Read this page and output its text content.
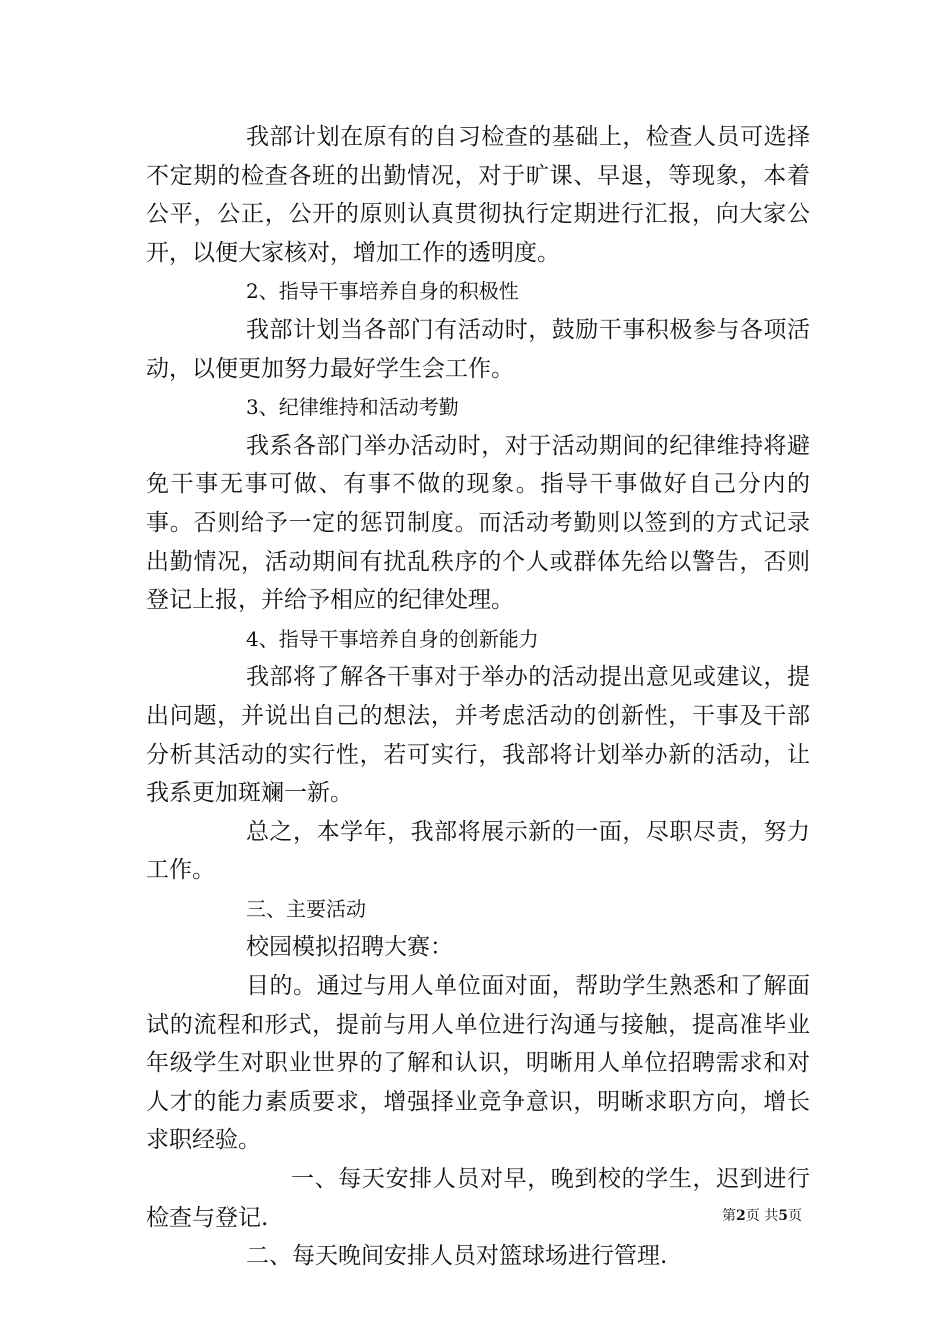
我部计划在原有的自习检查的基础上，检查人员可选择不定期的检查各班的出勤情况，对于旷课、早退，等现象，本着公平，公正，公开的原则认真贯彻执行定期进行汇报，向大家公开，以便大家核对，增加工作的透明度。

2、指导干事培养自身的积极性

我部计划当各部门有活动时，鼓励干事积极参与各项活动，以便更加努力最好学生会工作。

3、纪律维持和活动考勤

我系各部门举办活动时，对于活动期间的纪律维持将避免干事无事可做、有事不做的现象。指导干事做好自己分内的事。否则给予一定的惩罚制度。而活动考勤则以签到的方式记录出勤情况，活动期间有扰乱秩序的个人或群体先给以警告，否则登记上报，并给予相应的纪律处理。

4、指导干事培养自身的创新能力

我部将了解各干事对于举办的活动提出意见或建议，提出问题，并说出自己的想法，并考虑活动的创新性，干事及干部分析其活动的实行性，若可实行，我部将计划举办新的活动，让我系更加斑斓一新。

总之，本学年，我部将展示新的一面，尽职尽责，努力工作。

三、主要活动

校园模拟招聘大赛：

目的。通过与用人单位面对面，帮助学生熟悉和了解面试的流程和形式，提前与用人单位进行沟通与接触，提高准毕业年级学生对职业世界的了解和认识，明晰用人单位招聘需求和对人才的能力素质要求，增强择业竞争意识，明晰求职方向，增长求职经验。

一、每天安排人员对早，晚到校的学生，迟到进行检查与登记.

二、每天晚间安排人员对篮球场进行管理.

第2页 共5页
